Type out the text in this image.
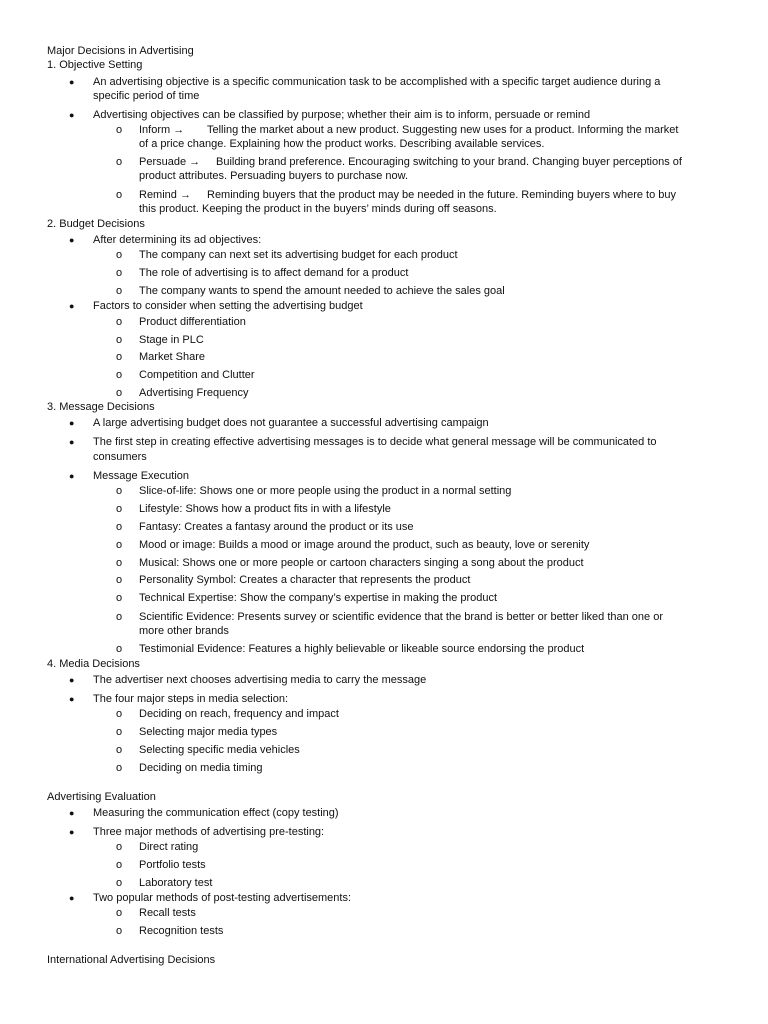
Major Decisions in Advertising
1. Objective Setting
● An advertising objective is a specific communication task to be accomplished with a specific target audience during a
specific period of time
● Advertising objectives can be classified by purpose; whether their aim is to inform, persuade or remind
o Inform → Telling the market about a new product. Suggesting new uses for a product. Informing the market
of a price change. Explaining how the product works. Describing available services.
o Persuade → Building brand preference. Encouraging switching to your brand. Changing buyer perceptions of
product attributes. Persuading buyers to purchase now.
o Remind → Reminding buyers that the product may be needed in the future. Reminding buyers where to buy
this product. Keeping the product in the buyers’ minds during off seasons.
2. Budget Decisions
● After determining its ad objectives:
o The company can next set its advertising budget for each product
o The role of advertising is to affect demand for a product
o The company wants to spend the amount needed to achieve the sales goal
● Factors to consider when setting the advertising budget
o Product differentiation
o Stage in PLC
o Market Share
o Competition and Clutter
o Advertising Frequency
3. Message Decisions
● A large advertising budget does not guarantee a successful advertising campaign
● The first step in creating effective advertising messages is to decide what general message will be communicated to
consumers
● Message Execution
o Slice-of-life: Shows one or more people using the product in a normal setting
o Lifestyle: Shows how a product fits in with a lifestyle
o Fantasy: Creates a fantasy around the product or its use
o Mood or image: Builds a mood or image around the product, such as beauty, love or serenity
o Musical: Shows one or more people or cartoon characters singing a song about the product
o Personality Symbol: Creates a character that represents the product
o Technical Expertise: Show the company’s expertise in making the product
o Scientific Evidence: Presents survey or scientific evidence that the brand is better or better liked than one or
more other brands
o Testimonial Evidence: Features a highly believable or likeable source endorsing the product
4. Media Decisions
● The advertiser next chooses advertising media to carry the message
● The four major steps in media selection:
o Deciding on reach, frequency and impact
o Selecting major media types
o Selecting specific media vehicles
o Deciding on media timing
Advertising Evaluation
● Measuring the communication effect (copy testing)
● Three major methods of advertising pre-testing:
o Direct rating
o Portfolio tests
o Laboratory test
● Two popular methods of post-testing advertisements:
o Recall tests
o Recognition tests
International Advertising Decisions
